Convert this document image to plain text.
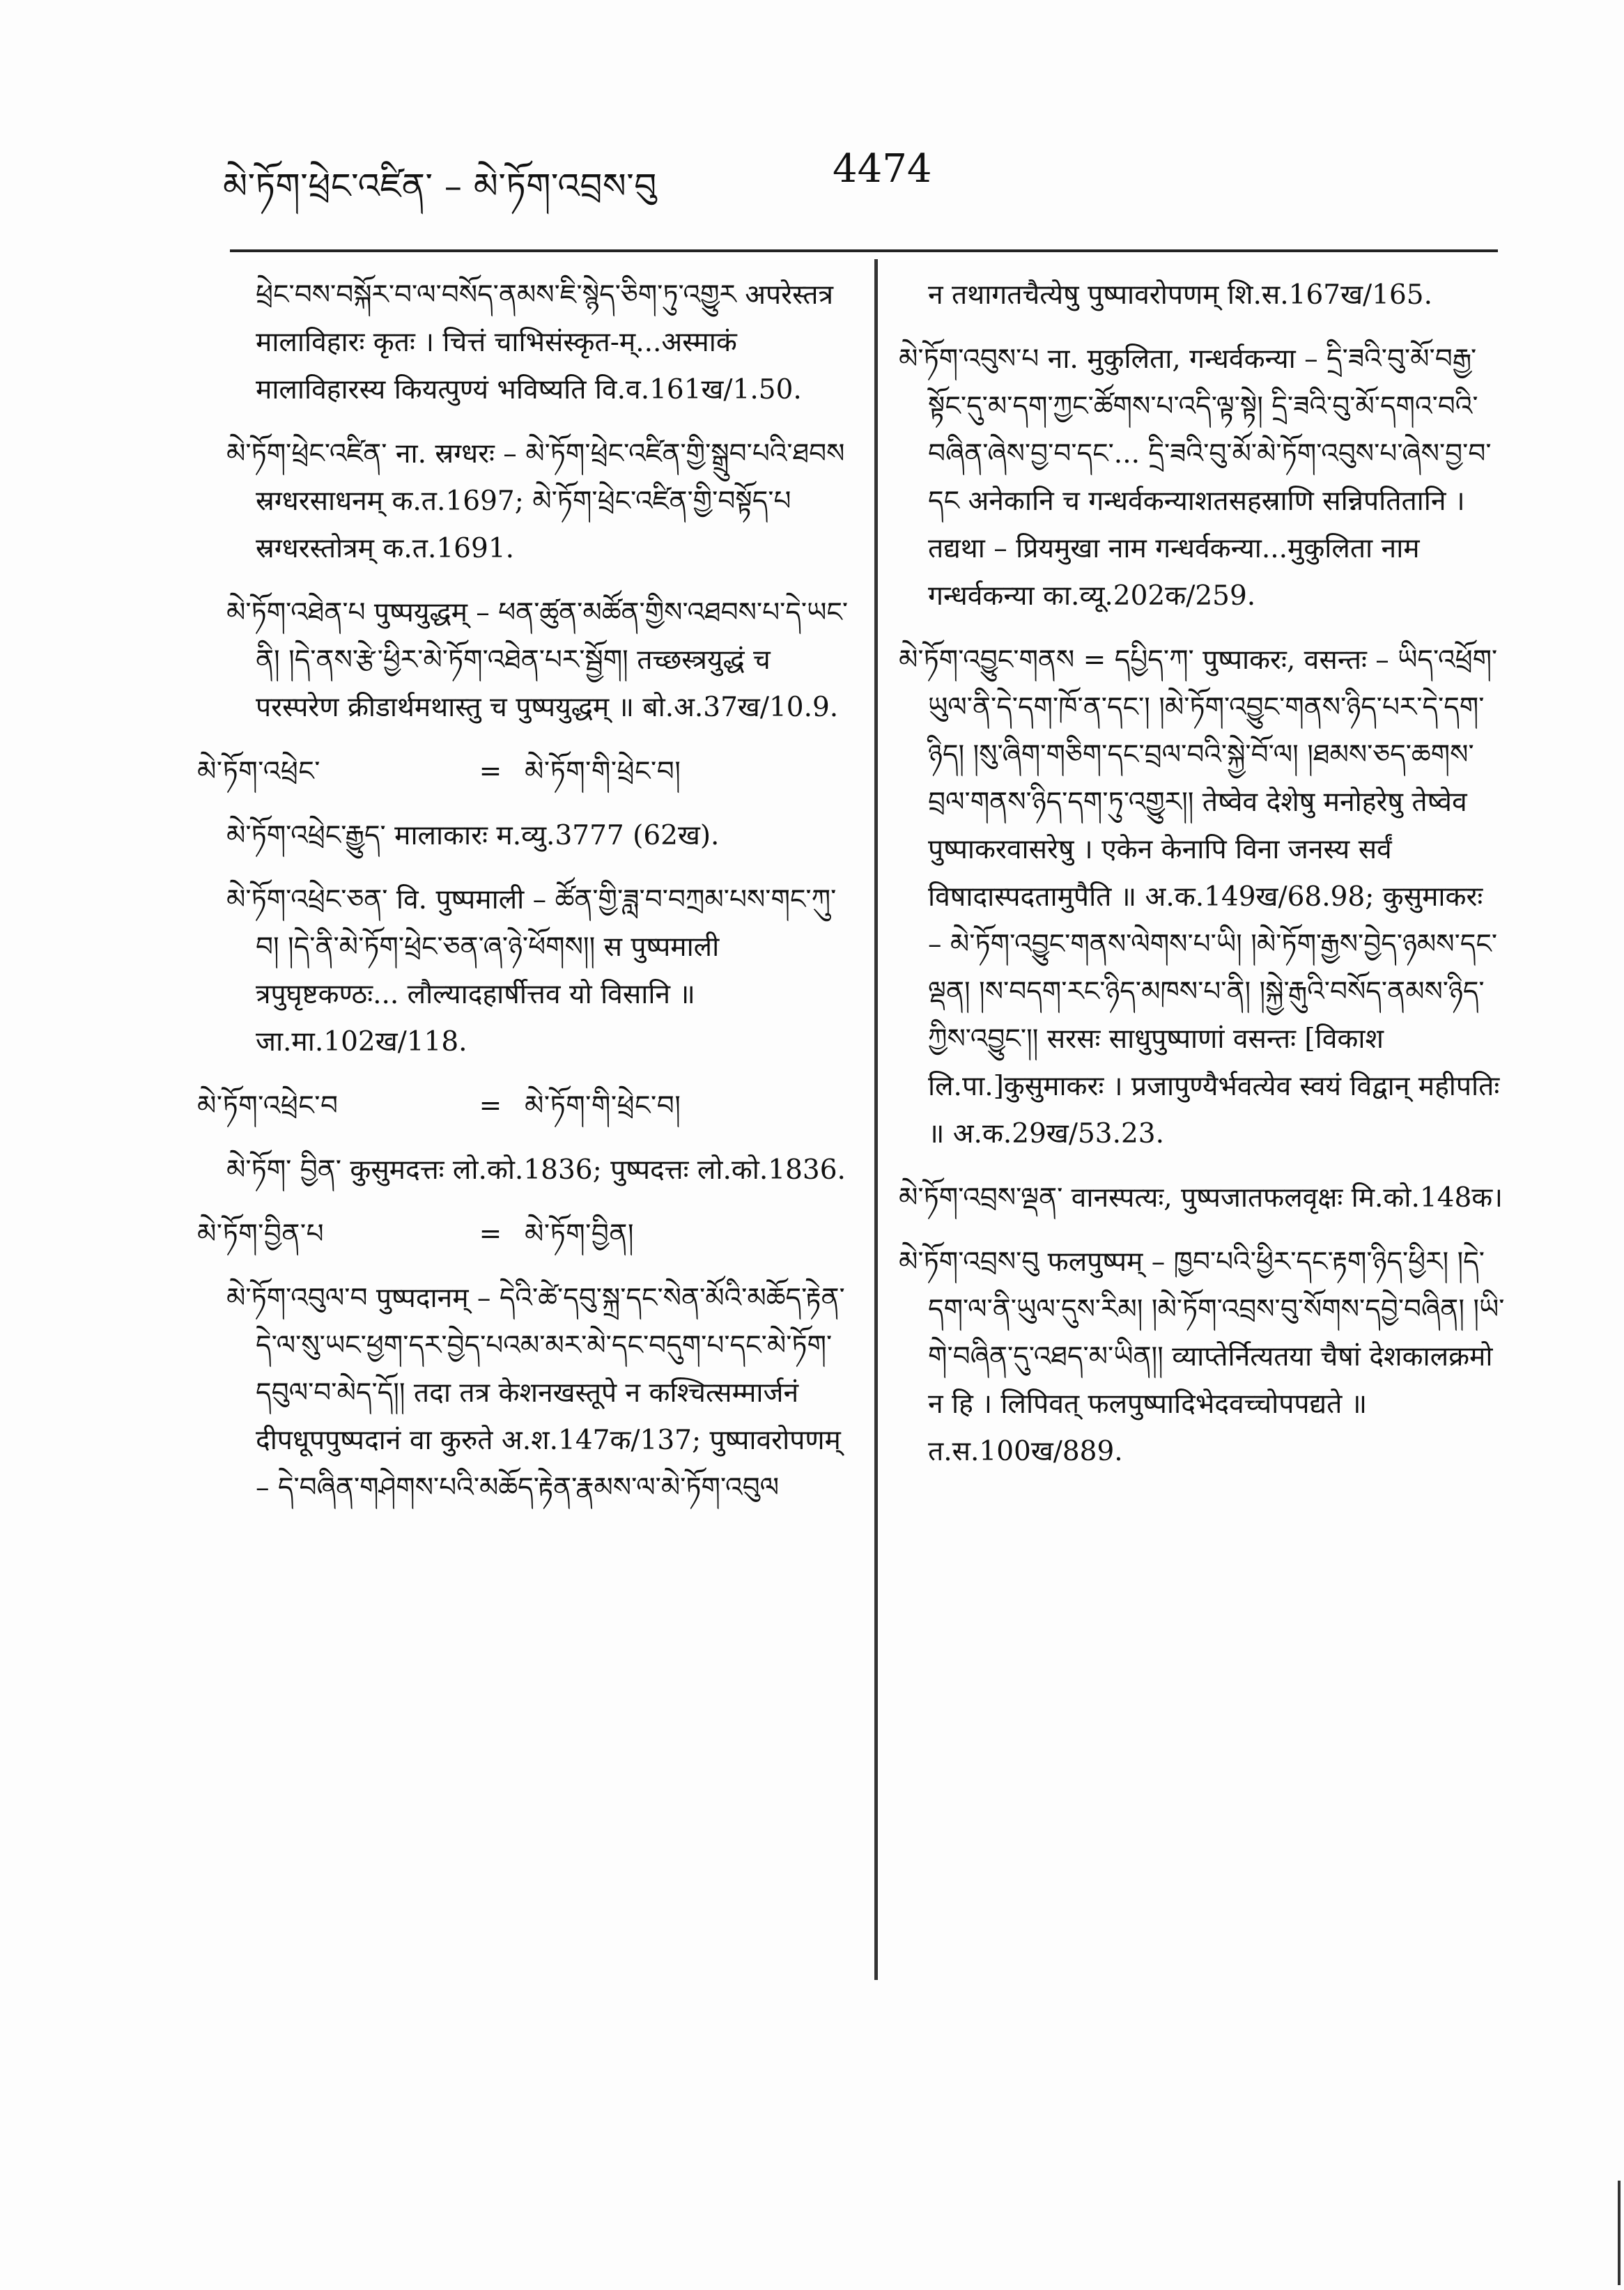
མེ་ཏོག་ཕྲེང་འཛིན་ – མེ་ཏོག་འབྲས་བུ	4474

ཕྲེང་བས་བསྐོར་བ་ལ་བསོད་ནམས་ཇི་སྙེད་ཅིག་ཏུ་འགྱུར अपरेस्तत्र मालाविहारः कृतः । चित्तं चाभिसंस्कृत-म्...अस्माकं मालाविहारस्य कियत्पुण्यं भविष्यति वि.व.161ख/1.50.

མེ་ཏོག་ཕྲེང་འཛིན་ ना. स्रग्धरः – མེ་ཏོག་ཕྲེང་འཛིན་གྱི་སྒྲུབ་པའི་ཐབས स्रग्धरसाधनम् क.त.1697; མེ་ཏོག་ཕྲེང་འཛིན་གྱི་བསྟོད་པ स्रग्धरस्तोत्रम् क.त.1691.

མེ་ཏོག་འཐེན་པ पुष्पयुद्धम् – ཕན་ཚུན་མཚོན་གྱིས་འཐབས་པ་དེ་ཡང་ནི། །དེ་ནས་རྩེ་ཕྱིར་མེ་ཏོག་འཐེན་པར་སྦྱོག། तच्छस्त्रयुद्धं च परस्परेण क्रीडार्थमथास्तु च पुष्पयुद्धम् ॥ बो.अ.37ख/10.9.

མེ་ཏོག་འཕྲེང་	= མེ་ཏོག་གི་ཕྲེང་བ།

མེ་ཏོག་འཕྲེང་རྒྱུད་ मालाकारः म.व्यु.3777 (62ख).

མེ་ཏོག་འཕྲེང་ཅན་ वि. पुष्पमाली – ཚོན་གྱི་ཟླ་བ་བཀྲམ་པས་གང་ཀུ་བ། །དེ་ནི་མེ་ཏོག་ཕྲེང་ཅན་ཞ་ཉེ་ཕོགས།། स पुष्पमाली त्रपुघृष्टकण्ठः... लौल्यादहार्षीत्तव यो विसानि ॥ जा.मा.102ख/118.

མེ་ཏོག་འཕྲེང་བ	= མེ་ཏོག་གི་ཕྲེང་བ།

མེ་ཏོག་ བྱིན་ कुसुमदत्तः लो.को.1836; पुष्पदत्तः लो.को.1836.

མེ་ཏོག་བྱིན་པ	= མེ་ཏོག་བྱིན།

མེ་ཏོག་འབུལ་བ पुष्पदानम् – དེའི་ཚེ་དབུ་སྐྲ་དང་སེན་མོའི་མཆོད་རྟེན་དེ་ལ་སུ་ཡང་ཕྱག་དར་བྱེད་པའམ་མར་མེ་དང་བདུག་པ་དང་མེ་ཏོག་དབུལ་བ་མེད་དོ།། तदा तत्र केशनखस्तूपे न कश्चित्सम्मार्जनं दीपधूपपुष्पदानं वा कुरुते अ.श.147क/137; पुष्पावरोपणम् – དེ་བཞིན་གཤེགས་པའི་མཆོད་རྟེན་རྣམས་ལ་མེ་ཏོག་འབུལ

न तथागतचैत्येषु पुष्पावरोपणम् शि.स.167ख/165.

མེ་ཏོག་འབུས་པ ना. मुकुलिता, गन्धर्वकन्या – དྲི་ཟའི་བུ་མོ་བརྒྱ་སྟོང་དུ་མ་དག་ཀྱང་ཚོགས་པ་འདི་ལྟ་སྟེ། དྲི་ཟའི་བུ་མོ་དགའ་བའི་བཞིན་ཞེས་བྱ་བ་དང་... དྲི་ཟའི་བུ་མོ་མེ་ཏོག་འབུས་པ་ཞེས་བྱ་བ་དང अनेकानि च गन्धर्वकन्याशतसहस्राणि सन्निपतितानि । तद्यथा – प्रियमुखा नाम गन्धर्वकन्या...मुकुलिता नाम गन्धर्वकन्या का.व्यू.202क/259.

མེ་ཏོག་འབྱུང་གནས = དཔྱིད་ཀ་ पुष्पाकरः, वसन्तः – ཡིད་འཕྲོག་ཡུལ་ནི་དེ་དག་ཁོ་ན་དང་། །མེ་ཏོག་འབྱུང་གནས་ཉིད་པར་དེ་དག་ཉིད། །སུ་ཞིག་གཅིག་དང་བྲལ་བའི་སྐྱེ་བོ་ལ། །ཐམས་ཅད་ཆགས་བྲལ་གནས་ཉིད་དག་ཏུ་འགྱུར།། तेष्वेव देशेषु मनोहरेषु तेष्वेव पुष्पाकरवासरेषु । एकेन केनापि विना जनस्य सर्वं विषादास्पदतामुपैति ॥ अ.क.149ख/68.98; कुसुमाकरः – མེ་ཏོག་འབྱུང་གནས་ལེགས་པ་ཡི། །མེ་ཏོག་རྒྱས་བྱེད་ཉམས་དང་ལྡན། །ས་བདག་རང་ཉིད་མཁས་པ་ནི། །སྐྱེ་རྒུའི་བསོད་ནམས་ཉིད་ཀྱིས་འབྱུང་།། सरसः साधुपुष्पाणां वसन्तः [विकाश लि.पा.]कुसुमाकरः । प्रजापुण्यैर्भवत्येव स्वयं विद्वान् महीपतिः ॥ अ.क.29ख/53.23.

མེ་ཏོག་འབྲས་ལྡན་ वानस्पत्यः, पुष्पजातफलवृक्षः मि.को.148क।

མེ་ཏོག་འབྲས་བུ फलपुष्पम् – ཁྱབ་པའི་ཕྱིར་དང་རྟག་ཉིད་ཕྱིར། །དེ་དག་ལ་ནི་ཡུལ་དུས་རིམ། །མེ་ཏོག་འབྲས་བུ་སོགས་དབྱེ་བཞིན། །ཡི་གེ་བཞིན་དུ་འཐད་མ་ཡིན།། व्याप्तेर्नित्यतया चैषां देशकालक्रमो न हि । लिपिवत् फलपुष्पादिभेदवच्चोपपद्यते ॥ त.स.100ख/889.
